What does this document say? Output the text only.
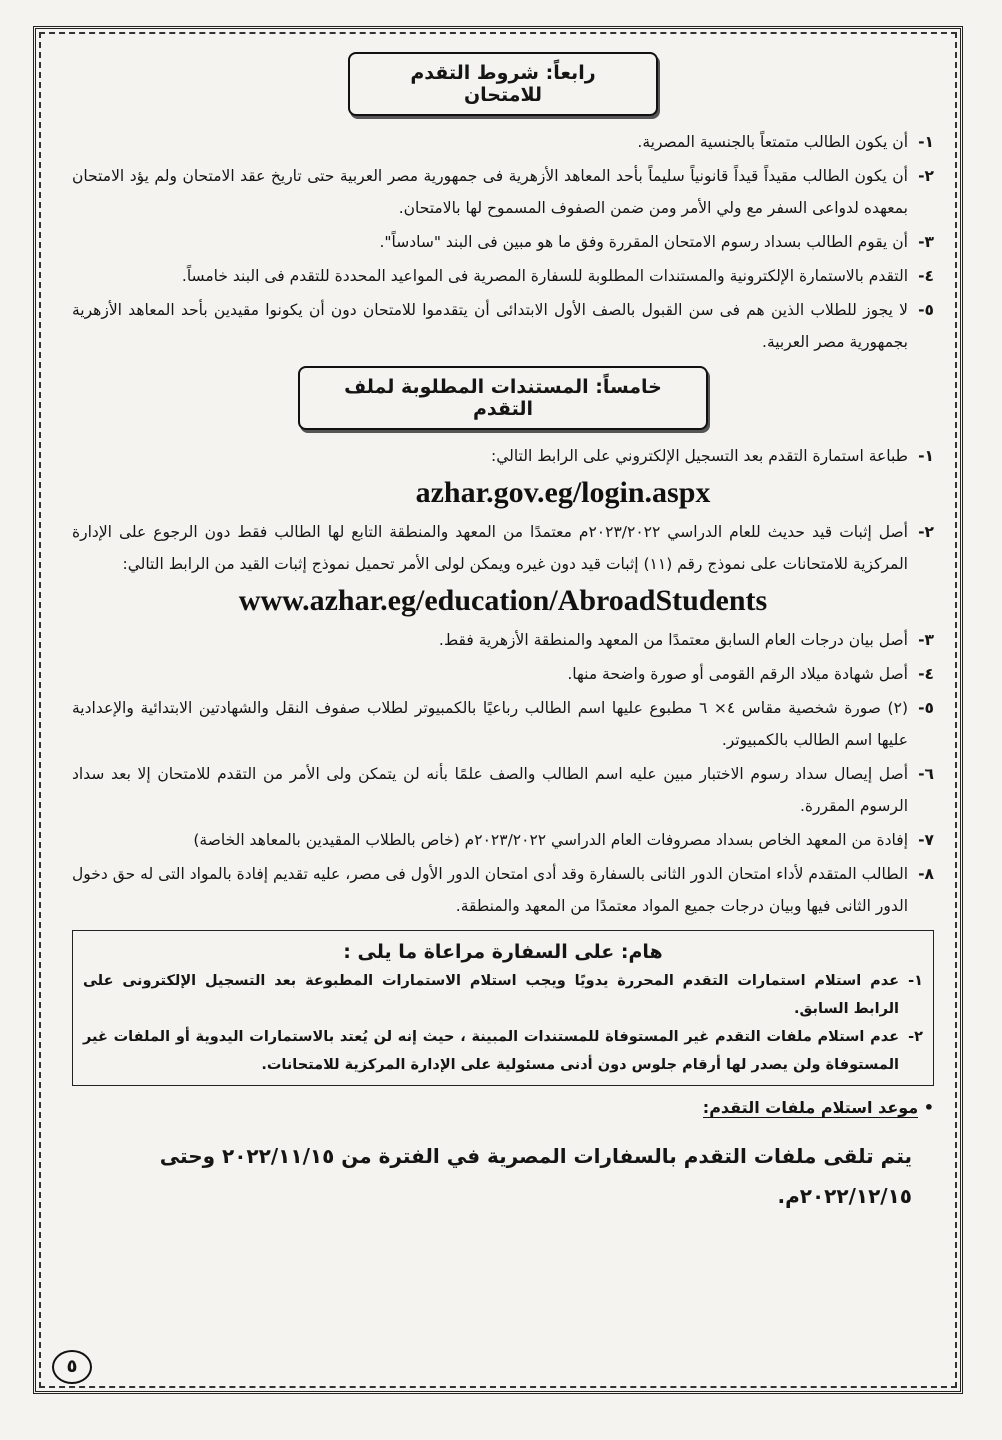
رابعاً: شروط التقدم للامتحان
١-
أن يكون الطالب متمتعاً بالجنسية المصرية.
٢-
أن يكون الطالب مقيداً قيداً قانونياً سليماً بأحد المعاهد الأزهرية فى جمهورية مصر العربية حتى تاريخ عقد الامتحان ولم يؤد الامتحان بمعهده لدواعى السفر مع ولي الأمر ومن ضمن الصفوف المسموح لها بالامتحان.
٣-
أن يقوم الطالب بسداد رسوم الامتحان المقررة وفق ما هو مبين فى البند "سادساً".
٤-
التقدم بالاستمارة الإلكترونية والمستندات المطلوبة للسفارة المصرية فى المواعيد المحددة للتقدم فى البند خامساً.
٥-
لا يجوز للطلاب الذين هم فى سن القبول بالصف الأول الابتدائى أن يتقدموا للامتحان دون أن يكونوا مقيدين بأحد المعاهد الأزهرية بجمهورية مصر العربية.
خامساً: المستندات المطلوبة لملف التقدم
١-
طباعة استمارة التقدم بعد التسجيل الإلكتروني على الرابط التالي:
azhar.gov.eg/login.aspx
٢-
أصل إثبات قيد حديث للعام الدراسي ٢٠٢٣/٢٠٢٢م معتمدًا من المعهد والمنطقة التابع لها الطالب فقط دون الرجوع على الإدارة المركزية للامتحانات على نموذج رقم (١١) إثبات قيد دون غيره ويمكن لولى الأمر تحميل نموذج إثبات القيد من الرابط التالي:
www.azhar.eg/education/AbroadStudents
٣-
أصل بيان درجات العام السابق معتمدًا من المعهد والمنطقة الأزهرية فقط.
٤-
أصل شهادة ميلاد الرقم القومى أو صورة واضحة منها.
٥-
(٢) صورة شخصية مقاس ٤× ٦ مطبوع عليها اسم الطالب رباعيًا بالكمبيوتر لطلاب صفوف النقل والشهادتين الابتدائية والإعدادية عليها اسم الطالب بالكمبيوتر.
٦-
أصل إيصال سداد رسوم الاختبار مبين عليه اسم الطالب والصف علمًا بأنه لن يتمكن ولى الأمر من التقدم للامتحان إلا بعد سداد الرسوم المقررة.
٧-
إفادة من المعهد الخاص بسداد مصروفات العام الدراسي ٢٠٢٣/٢٠٢٢م (خاص بالطلاب المقيدين بالمعاهد الخاصة)
٨-
الطالب المتقدم لأداء امتحان الدور الثانى بالسفارة وقد أدى امتحان الدور الأول فى مصر، عليه تقديم إفادة بالمواد التى له حق دخول الدور الثانى فيها وبيان درجات جميع المواد معتمدًا من المعهد والمنطقة.
هام: على السفارة مراعاة ما يلى :
١-
عدم استلام استمارات التقدم المحررة يدويًا ويجب استلام الاستمارات المطبوعة بعد التسجيل الإلكترونى على الرابط السابق.
٢-
عدم استلام ملفات التقدم غير المستوفاة للمستندات المبينة ، حيث إنه لن يُعتد بالاستمارات اليدوية أو الملفات غير المستوفاة ولن يصدر لها أرقام جلوس دون أدنى مسئولية على الإدارة المركزية للامتحانات.
• موعد استلام ملفات التقدم:
يتم تلقى ملفات التقدم بالسفارات المصرية في الفترة من ٢٠٢٢/١١/١٥ وحتى ٢٠٢٢/١٢/١٥م.
٥
